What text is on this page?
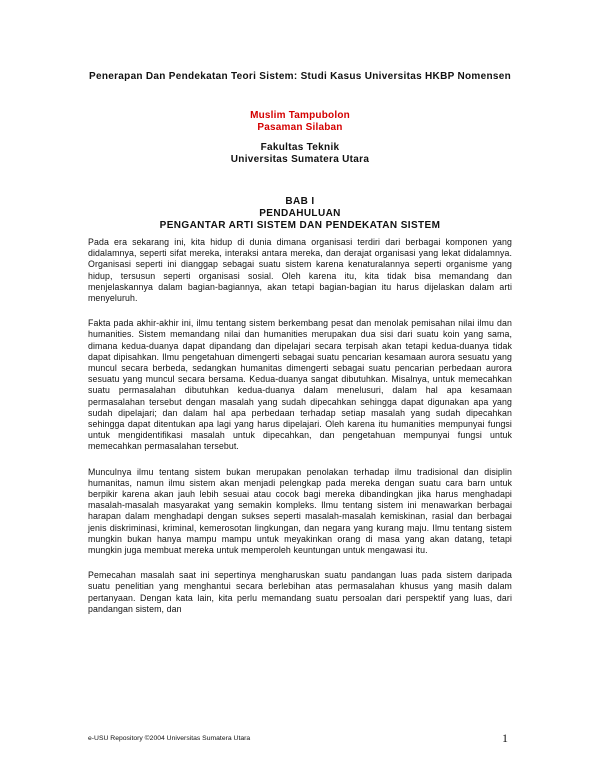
Penerapan Dan Pendekatan Teori Sistem: Studi Kasus Universitas HKBP Nomensen
Muslim Tampubolon
Pasaman Silaban
Fakultas Teknik
Universitas Sumatera Utara
BAB I
PENDAHULUAN
PENGANTAR ARTI SISTEM DAN PENDEKATAN SISTEM

Pada era sekarang ini, kita hidup di dunia dimana organisasi terdiri dari berbagai komponen yang didalamnya, seperti sifat mereka, interaksi antara mereka, dan derajat organisasi yang lekat didalamnya. Organisasi seperti ini dianggap sebagai suatu sistem karena kenaturalannya seperti organisme yang hidup, tersusun seperti organisasi sosial. Oleh karena itu, kita tidak bisa memandang dan menjelaskannya dalam bagian-bagiannya, akan tetapi bagian-bagian itu harus dijelaskan dalam arti menyeluruh.

Fakta pada akhir-akhir ini, ilmu tentang sistem berkembang pesat dan menolak pemisahan nilai ilmu dan humanities. Sistem memandang nilai dan humanities merupakan dua sisi dari suatu koin yang sama, dimana kedua-duanya dapat dipandang dan dipelajari secara terpisah akan tetapi kedua-duanya tidak dapat dipisahkan. Ilmu pengetahuan dimengerti sebagai suatu pencarian kesamaan aurora sesuatu yang muncul secara berbeda, sedangkan humanitas dimengerti sebagai suatu pencarian perbedaan aurora sesuatu yang muncul secara bersama. Kedua-duanya sangat dibutuhkan. Misalnya, untuk memecahkan suatu permasalahan dibutuhkan kedua-duanya dalam menelusuri, dalam hal apa kesamaan permasalahan tersebut dengan masalah yang sudah dipecahkan sehingga dapat digunakan apa yang sudah dipelajari; dan dalam hal apa perbedaan terhadap setiap masalah yang sudah dipecahkan sehingga dapat ditentukan apa lagi yang harus dipelajari. Oleh karena itu humanities mempunyai fungsi untuk mengidentifikasi masalah untuk dipecahkan, dan pengetahuan mempunyai fungsi untuk memecahkan permasalahan tersebut.

Munculnya ilmu tentang sistem bukan merupakan penolakan terhadap ilmu tradisional dan disiplin humanitas, namun ilmu sistem akan menjadi pelengkap pada mereka dengan suatu cara barn untuk berpikir karena akan jauh lebih sesuai atau cocok bagi mereka dibandingkan jika harus menghadapi masalah-masalah masyarakat yang semakin kompleks. Ilmu tentang sistem ini menawarkan berbagai harapan dalam menghadapi dengan sukses seperti masalah-masalah kemiskinan, rasial dan berbagai jenis diskriminasi, kriminal, kemerosotan lingkungan, dan negara yang kurang maju. Ilmu tentang sistem mungkin bukan hanya mampu mampu untuk meyakinkan orang di masa yang akan datang, tetapi mungkin juga membuat mereka untuk memperoleh keuntungan untuk mengawasi itu.

Pemecahan masalah saat ini sepertinya mengharuskan suatu pandangan luas pada sistem daripada suatu penelitian yang menghantui secara berlebihan atas permasalahan khusus yang masih dalam pertanyaan. Dengan kata lain, kita perlu memandang suatu persoalan dari perspektif yang luas, dari pandangan sistem, dan

e-USU Repository ©2004 Universitas Sumatera Utara	1
